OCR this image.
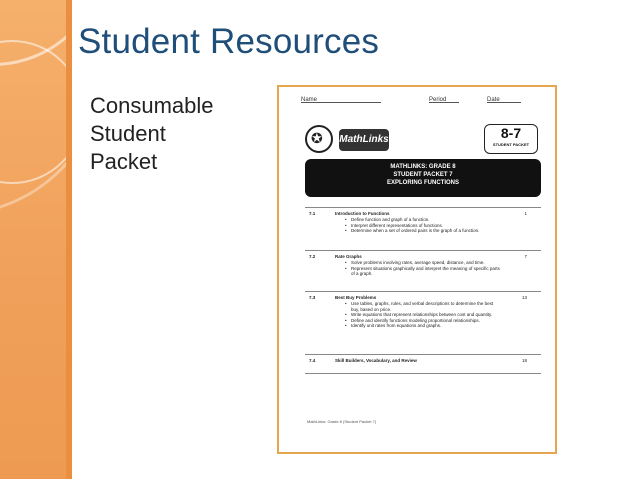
Student Resources
Consumable
Student
Packet
Name	Period	Date
✪ MathLinks	8-7
STUDENT PACKET
MATHLINKS: GRADE 8
STUDENT PACKET 7
EXPLORING FUNCTIONS
7.1	Introduction to Functions	1
• Define function and graph of a function.
• Interpret different representations of functions.
• Determine when a set of ordered pairs is the graph of a function.
7.2	Rate Graphs	7
• Solve problems involving rates, average speed, distance, and time.
• Represent situations graphically and interpret the meaning of specific parts of a graph.
7.3	Best Buy Problems	13
• Use tables, graphs, rules, and verbal descriptions to determine the best buy, based on price.
• Write equations that represent relationships between cost and quantity.
• Define and identify functions modeling proportional relationships.
• Identify unit rates from equations and graphs.
7.4	Skill Builders, Vocabulary, and Review	18
MathLinks: Grade 8 (Student Packet 7)
